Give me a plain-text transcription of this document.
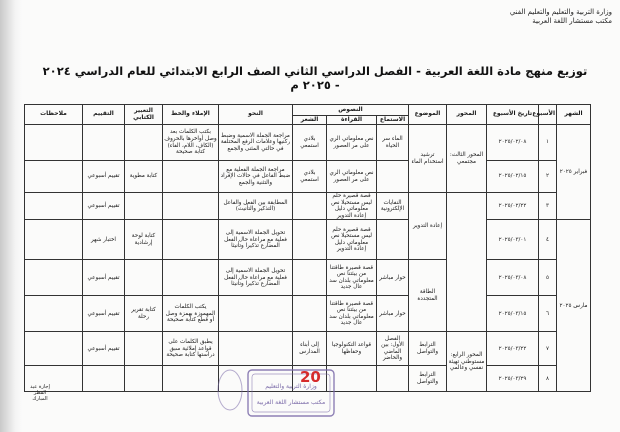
وزارة التربية والتعليم والتعليم الفني
مكتب مستشار اللغة العربية
توزيع منهج مادة اللغة العربية - الفصل الدراسي الثاني الصف الرابع الابتدائي للعام الدراسي ٢٠٢٤ - ٢٠٢٥ م
الشهر	الأسبوع	تاريخ الأسبوع	المحور	الموضوع	النصوص			النحو	الإملاء والخط	التعبير الكتابي	التقييم	ملاحظات
					الاستماع	القراءة	الشعر					
فبراير ٢٠٢٥	١	٢٠٢٥/٠٢/٠٨	المحور الثالث: مجتمعي	ترشيد استخدام الماء	الماء سر الحياة	نص معلوماتي الري على مر العصور	بلادي استمعي	مراجعة الجملة الاسمية وضبط ركنيها وعلامات الرفع المختلفة في حالتي المثنى والجمع	بكتب الكلمات بعد وصل أواخرها بالحروف (الكاف، اللام، الفاء) كتابة صحيحة			
	٢	٢٠٢٥/٠٢/١٥				نص معلوماتي الري على مر العصور	بلادي استمعي	مراجعة الجملة الفعلية مع ضبط الفاعل في حالات الإفراد والتثنية والجمع		كتابة مطوية	تقييم أسبوعي	
	٣	٢٠٢٥/٠٢/٢٢		إعادة التدوير	النفايات الإلكترونية	قصة قصيرة حلم ليس مستحيلا نص معلوماتي دليل إعادة التدوير		المطابقة بين الفعل والفاعل (التذكير والتأنيث)			تقييم أسبوعي	
مارس ٢٠٢٥	٤	٢٠٢٥/٠٣/٠١				قصة قصيرة حلم ليس مستحيلا نص معلوماتي دليل إعادة التدوير		تحويل الجملة الاسمية إلى فعلية مع مراعاة حال الفعل المضارع تذكيرا وتأنيثا		كتابة لوحة إرشادية	اختبار شهر	
	٥	٢٠٢٥/٠٣/٠٨		الطاقة المتجددة	حوار مباشر	قصة قصيرة طاقتنا من بيئتنا نص معلوماتي بلدان سد عال جديد		تحويل الجملة الاسمية إلى فعلية مع مراعاة حال الفعل المضارع تذكيرا وتأنيثا			تقييم أسبوعي	
	٦	٢٠٢٥/٠٣/١٥			حوار مباشر	قصة قصيرة طاقتنا من بيئتنا نص معلوماتي بلدان سد عال جديد			يكتب الكلمات المهموزة بهمزة وصل أو قطع كتابة صحيحة	كتابة تقرير رحلة	تقييم أسبوعي	
	٧	٢٠٢٥/٠٣/٢٢	المحور الرابع: مستوطني تهيئة نفسي وعالمي	الترابط والتواصل	الفصل الأول: بين الماضي والحاضر	قواعد التكنولوجيا وحفاظها	إلى أبناء المدارس		يطبق الكلمات على قواعد إملائية سبق دراستها كتابة صحيحة		تقييم أسبوعي	
	٨	٢٠٢٥/٠٣/٢٩		الترابط والتواصل								
إجازة عيد الفطر المبارك
وزارة التربية والتعليم
مكتب مستشار اللغة العربية
20
